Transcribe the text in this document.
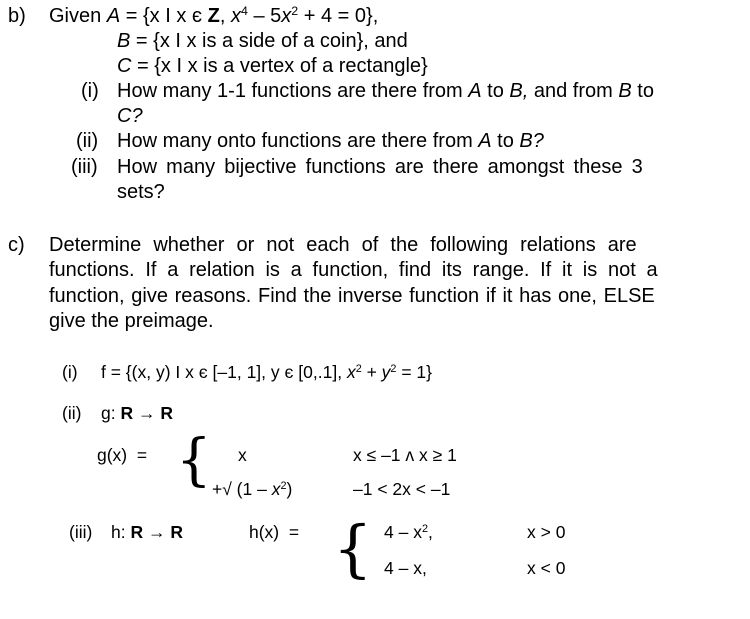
b) Given A = {x I x є Z, $x^4 - 5x^2 + 4 = 0$},
B = {x I x is a side of a coin}, and
C = {x I x is a vertex of a rectangle}
(i) How many 1-1 functions are there from A to B, and from B to
C?
(ii) How many onto functions are there from A to B?
(iii) How many bijective functions are there amongst these 3
sets?
c) Determine whether or not each of the following relations are
functions. If a relation is a function, find its range. If it is not a
function, give reasons. Find the inverse function if it has one, ELSE
give the preimage.
(i) f = {(x, y) I x є [–1, 1], y є [0,.1], $x^2 + y^2 = 1$}
(ii) g: R → R
g(x)  = { x	x ≤ –1 ʌ x ≥ 1
+√ $(1 - x^2)$	–1 < 2x < –1
(iii) h: R → R	h(x)  = { $4 - x^2$,	x > 0
4 – x,	x < 0
